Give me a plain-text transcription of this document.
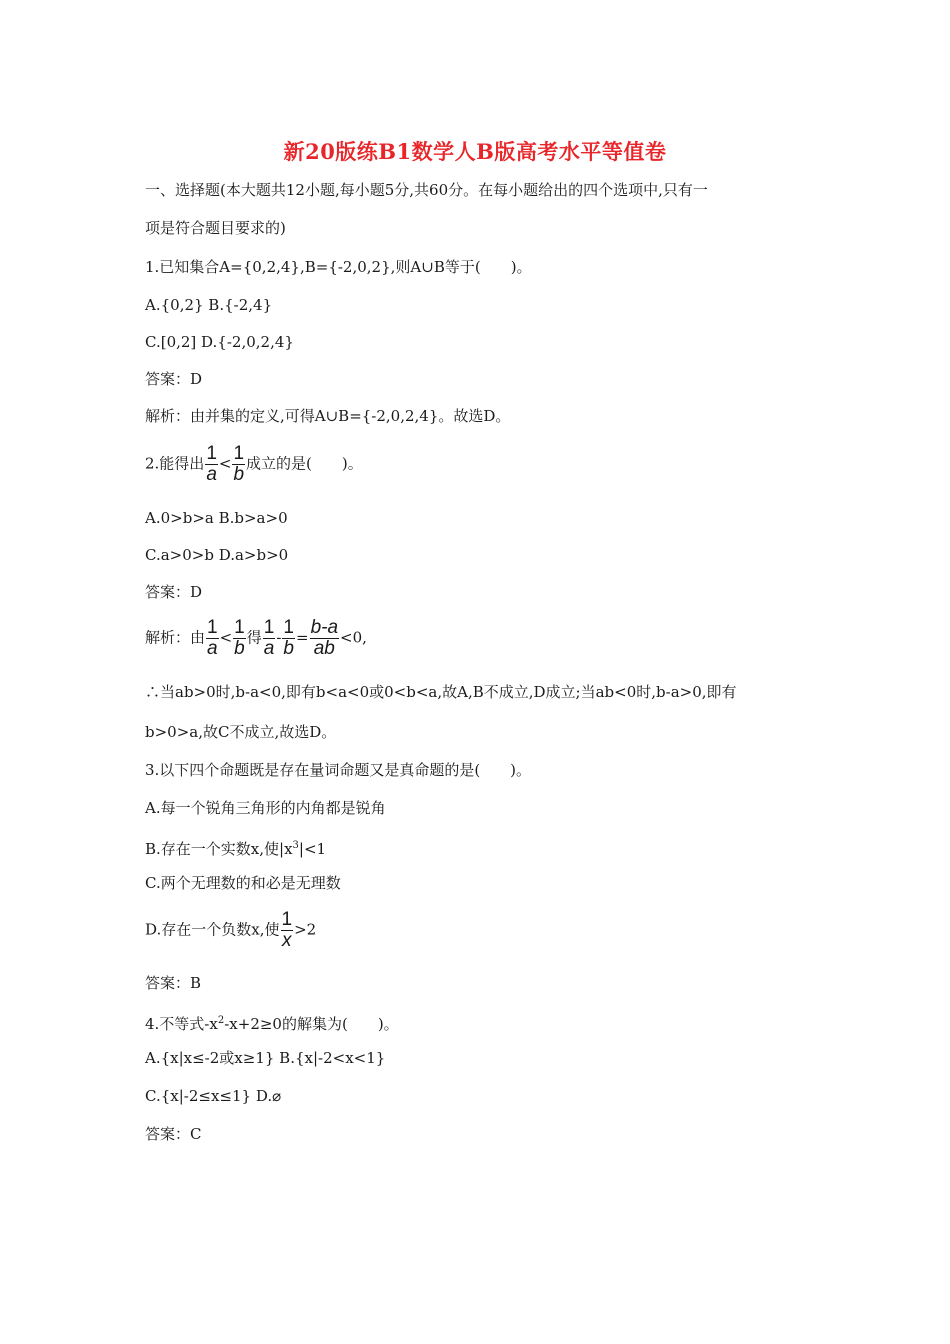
新20版练B1数学人B版高考水平等值卷
一、选择题(本大题共12小题,每小题5分,共60分。在每小题给出的四个选项中,只有一
项是符合题目要求的)
1.已知集合A={0,2,4},B={-2,0,2},则A∪B等于(　　)。
A.{0,2} B.{-2,4}
C.[0,2] D.{-2,0,2,4}
答案：D
解析：由并集的定义,可得A∪B={-2,0,2,4}。故选D。
2.能得出 $\frac{1}{a} < \frac{1}{b}$ 成立的是(　　)。
A.0>b>a B.b>a>0
C.a>0>b D.a>b>0
答案：D
解析：由 $\frac{1}{a} < \frac{1}{b}$ 得 $\frac{1}{a} - \frac{1}{b} = \frac{b-a}{ab} <0$,
∴当ab>0时,b-a<0,即有b<a<0或0<b<a,故A,B不成立,D成立;当ab<0时,b-a>0,即有
b>0>a,故C不成立,故选D。
3.以下四个命题既是存在量词命题又是真命题的是(　　)。
A.每一个锐角三角形的内角都是锐角
B.存在一个实数x,使$|x^3|<1$
C.两个无理数的和必是无理数
D.存在一个负数x,使 $\frac{1}{x} >2$
答案：B
4.不等式$-x^2-x+2\ge 0$的解集为(　　)。
A.{x|x≤-2或x≥1} B.{x|-2<x<1}
C.{x|-2≤x≤1} D.⌀
答案：C
